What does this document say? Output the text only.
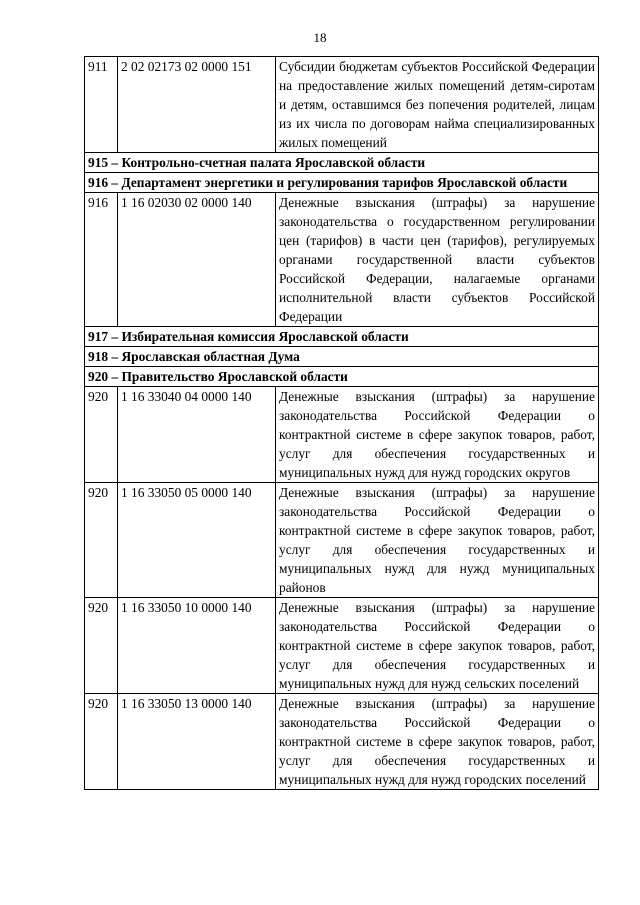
18
911	2 02 02173 02 0000 151	Субсидии бюджетам субъектов Российской Федерации на предоставление жилых помещений детям-сиротам и детям, оставшимся без попечения родителей, лицам из их числа по договорам найма специализированных жилых помещений

915 – Контрольно-счетная палата Ярославской области		

916 – Департамент энергетики и регулирования тарифов Ярославской области		

916	1 16 02030 02 0000 140	Денежные взыскания (штрафы) за нарушение законодательства о государственном регулировании цен (тарифов) в части цен (тарифов), регулируемых органами государственной власти субъектов Российской Федерации, налагаемые органами исполнительной власти субъектов Российской Федерации

917 – Избирательная комиссия Ярославской области		

918 – Ярославская областная Дума		

920 – Правительство Ярославской области		

920	1 16 33040 04 0000 140	Денежные взыскания (штрафы) за нарушение законодательства Российской Федерации о контрактной системе в сфере закупок товаров, работ, услуг для обеспечения государственных и муниципальных нужд для нужд городских округов
920	1 16 33050 05 0000 140	Денежные взыскания (штрафы) за нарушение законодательства Российской Федерации о контрактной системе в сфере закупок товаров, работ, услуг для обеспечения государственных и муниципальных нужд для нужд муниципальных районов
920	1 16 33050 10 0000 140	Денежные взыскания (штрафы) за нарушение законодательства Российской Федерации о контрактной системе в сфере закупок товаров, работ, услуг для обеспечения государственных и муниципальных нужд для нужд сельских поселений
920	1 16 33050 13 0000 140	Денежные взыскания (штрафы) за нарушение законодательства Российской Федерации о контрактной системе в сфере закупок товаров, работ, услуг для обеспечения государственных и муниципальных нужд для нужд городских поселений
